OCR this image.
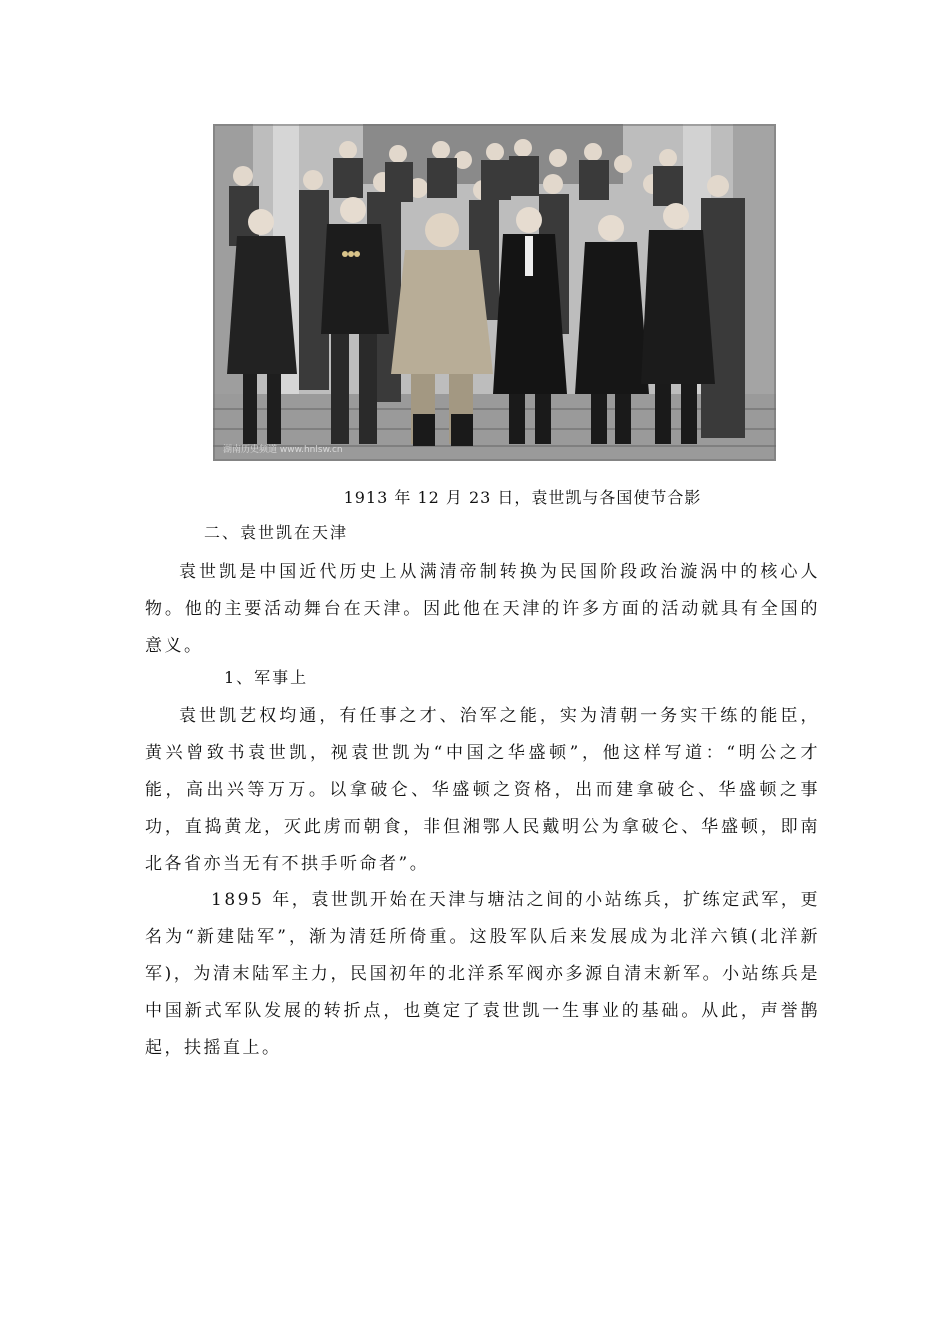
湖南历史频道 www.hnlsw.cn
1913 年 12 月 23 日，袁世凯与各国使节合影
二、袁世凯在天津

袁世凯是中国近代历史上从满清帝制转换为民国阶段政治漩涡中的核心人物。他的主要活动舞台在天津。因此他在天津的许多方面的活动就具有全国的意义。

1、军事上

袁世凯艺权均通，有任事之才、治军之能，实为清朝一务实干练的能臣，黄兴曾致书袁世凯，视袁世凯为“中国之华盛顿”，他这样写道：“明公之才能，高出兴等万万。以拿破仑、华盛顿之资格，出而建拿破仑、华盛顿之事功，直捣黄龙，灭此虏而朝食，非但湘鄂人民戴明公为拿破仑、华盛顿，即南北各省亦当无有不拱手听命者”。

1895 年，袁世凯开始在天津与塘沽之间的小站练兵，扩练定武军，更名为“新建陆军”，渐为清廷所倚重。这股军队后来发展成为北洋六镇(北洋新军)，为清末陆军主力，民国初年的北洋系军阀亦多源自清末新军。小站练兵是中国新式军队发展的转折点，也奠定了袁世凯一生事业的基础。从此，声誉鹊起，扶摇直上。
